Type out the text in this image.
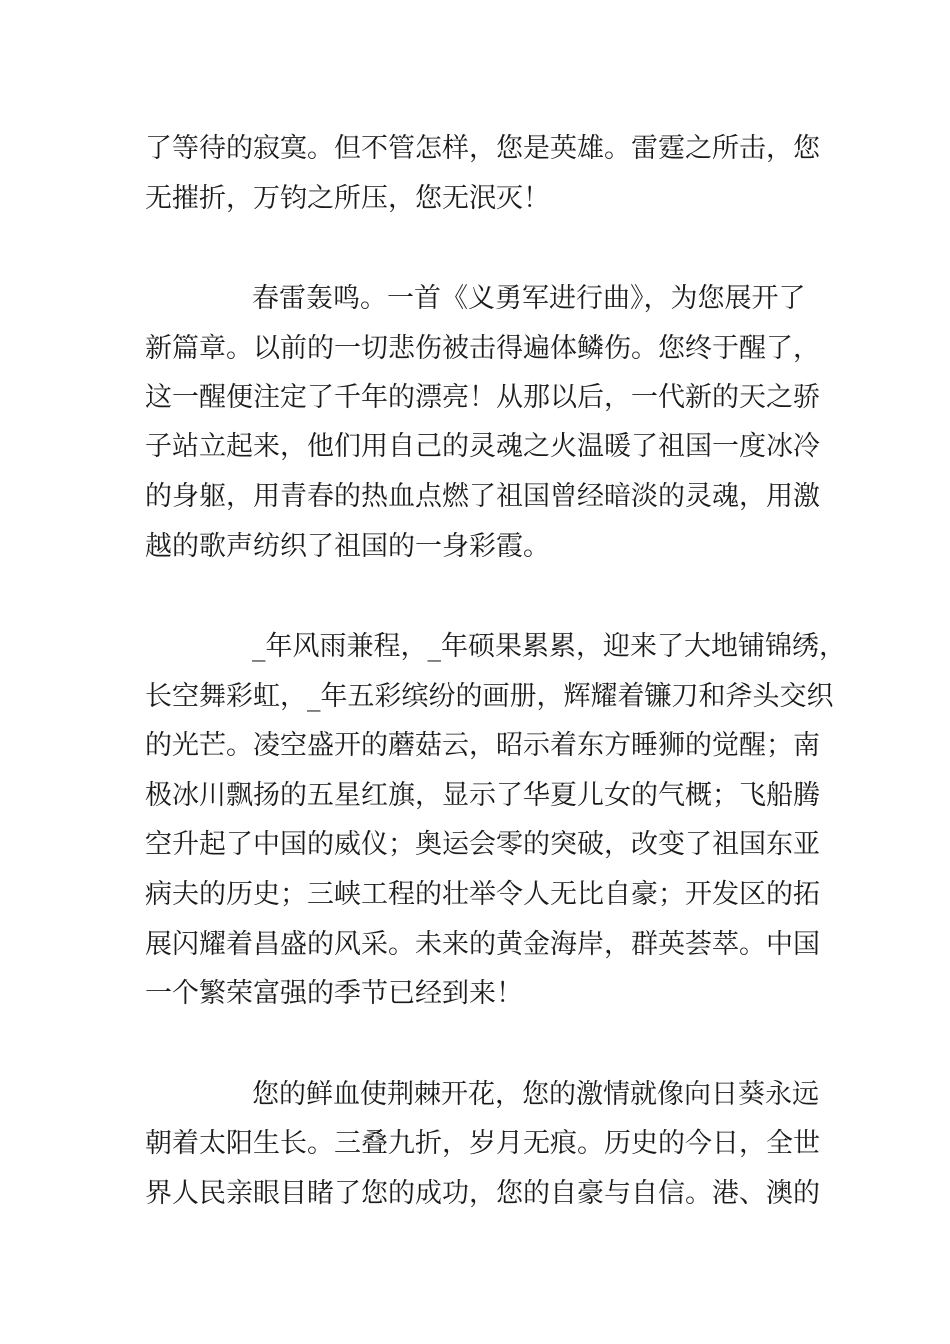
了等待的寂寞。但不管怎样，您是英雄。雷霆之所击，您

无摧折，万钧之所压，您无泯灭！

春雷轰鸣。一首《义勇军进行曲》，为您展开了

新篇章。以前的一切悲伤被击得遍体鳞伤。您终于醒了，

这一醒便注定了千年的漂亮！从那以后，一代新的天之骄

子站立起来，他们用自己的灵魂之火温暖了祖国一度冰冷

的身躯，用青春的热血点燃了祖国曾经暗淡的灵魂，用激

越的歌声纺织了祖国的一身彩霞。

_年风雨兼程，_年硕果累累，迎来了大地铺锦绣，

长空舞彩虹，_年五彩缤纷的画册，辉耀着镰刀和斧头交织

的光芒。凌空盛开的蘑菇云，昭示着东方睡狮的觉醒；南

极冰川飘扬的五星红旗，显示了华夏儿女的气概；飞船腾

空升起了中国的威仪；奥运会零的突破，改变了祖国东亚

病夫的历史；三峡工程的壮举令人无比自豪；开发区的拓

展闪耀着昌盛的风采。未来的黄金海岸，群英荟萃。中国

一个繁荣富强的季节已经到来！

您的鲜血使荆棘开花，您的激情就像向日葵永远

朝着太阳生长。三叠九折，岁月无痕。历史的今日，全世

界人民亲眼目睹了您的成功，您的自豪与自信。港、澳的
